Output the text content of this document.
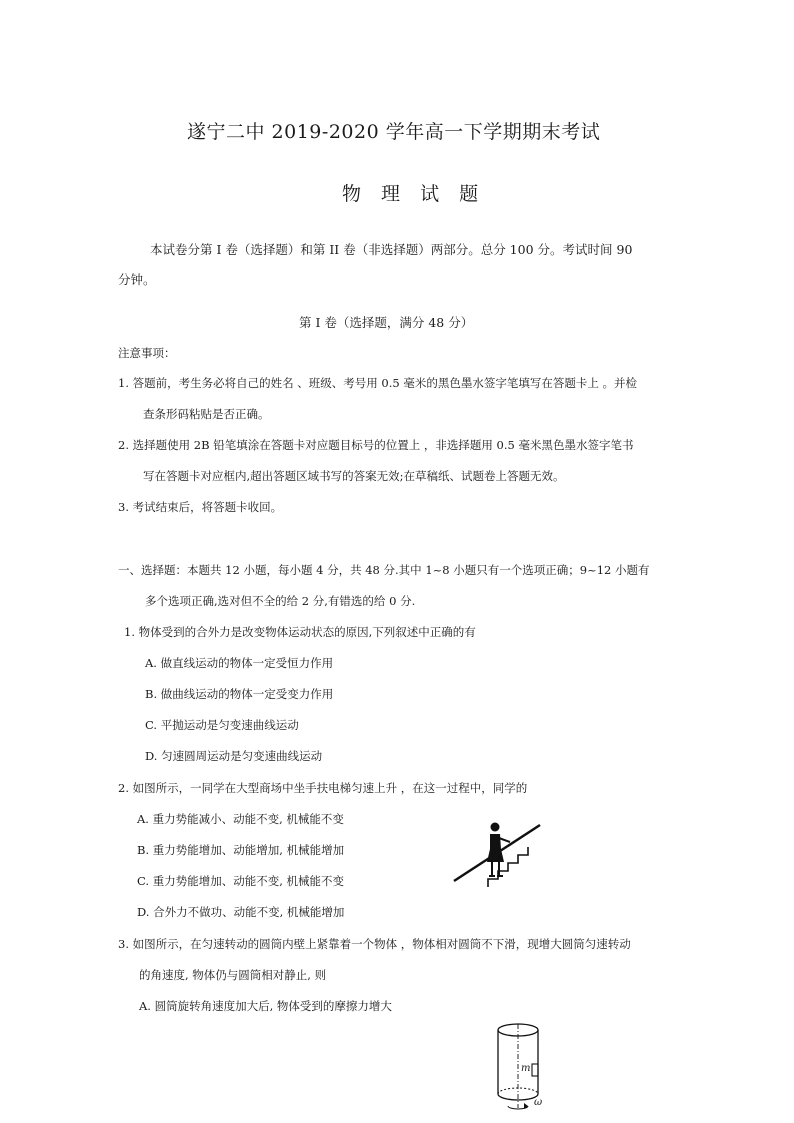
遂宁二中 2019-2020 学年高一下学期期末考试
物 理 试 题
本试卷分第 I 卷（选择题）和第 II 卷（非选择题）两部分。总分 100 分。考试时间 90
分钟。
第 I 卷（选择题，满分 48 分）
注意事项：
1. 答题前，考生务必将自己的姓名 、班级、考号用 0.5 毫米的黑色墨水签字笔填写在答题卡上 。并检
查条形码粘贴是否正确。
2. 选择题使用 2B 铅笔填涂在答题卡对应题目标号的位置上 ，非选择题用 0.5 毫米黑色墨水签字笔书
写在答题卡对应框内,超出答题区域书写的答案无效;在草稿纸、试题卷上答题无效。
3. 考试结束后，将答题卡收回。
一、选择题：本题共 12 小题，每小题 4 分，共 48 分.其中 1~8 小题只有一个选项正确；9~12 小题有
多个选项正确,选对但不全的给 2 分,有错选的给 0 分.
1. 物体受到的合外力是改变物体运动状态的原因,下列叙述中正确的有
A. 做直线运动的物体一定受恒力作用
B. 做曲线运动的物体一定受变力作用
C. 平抛运动是匀变速曲线运动
D. 匀速圆周运动是匀变速曲线运动
2. 如图所示，一同学在大型商场中坐手扶电梯匀速上升 ，在这一过程中，同学的
A. 重力势能减小、动能不变, 机械能不变
B. 重力势能增加、动能增加, 机械能增加
C. 重力势能增加、动能不变, 机械能不变
D. 合外力不做功、动能不变, 机械能增加
3. 如图所示，在匀速转动的圆筒内壁上紧靠着一个物体 ，物体相对圆筒不下滑，现增大圆筒匀速转动
的角速度, 物体仍与圆筒相对静止, 则
A. 圆筒旋转角速度加大后, 物体受到的摩擦力增大
m
ω
